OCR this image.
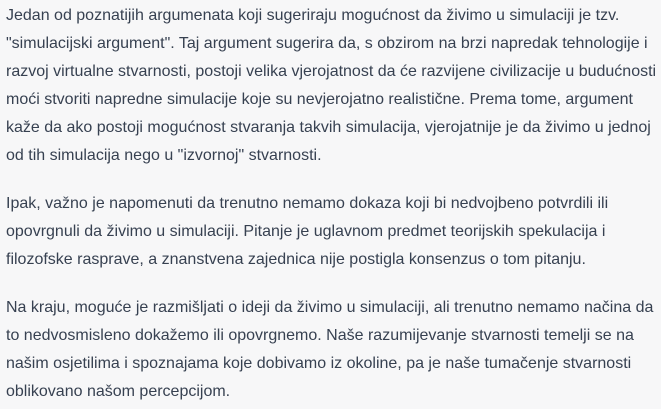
Jedan od poznatijih argumenata koji sugeriraju mogućnost da živimo u simulaciji je tzv.
"simulacijski argument". Taj argument sugerira da, s obzirom na brzi napredak tehnologije i
razvoj virtualne stvarnosti, postoji velika vjerojatnost da će razvijene civilizacije u budućnosti
moći stvoriti napredne simulacije koje su nevjerojatno realistične. Prema tome, argument
kaže da ako postoji mogućnost stvaranja takvih simulacija, vjerojatnije je da živimo u jednoj
od tih simulacija nego u "izvornoj" stvarnosti.

Ipak, važno je napomenuti da trenutno nemamo dokaza koji bi nedvojbeno potvrdili ili
opovrgnuli da živimo u simulaciji. Pitanje je uglavnom predmet teorijskih spekulacija i
filozofske rasprave, a znanstvena zajednica nije postigla konsenzus o tom pitanju.

Na kraju, moguće je razmišljati o ideji da živimo u simulaciji, ali trenutno nemamo načina da
to nedvosmisleno dokažemo ili opovrgnemo. Naše razumijevanje stvarnosti temelji se na
našim osjetilima i spoznajama koje dobivamo iz okoline, pa je naše tumačenje stvarnosti
oblikovano našom percepcijom.
